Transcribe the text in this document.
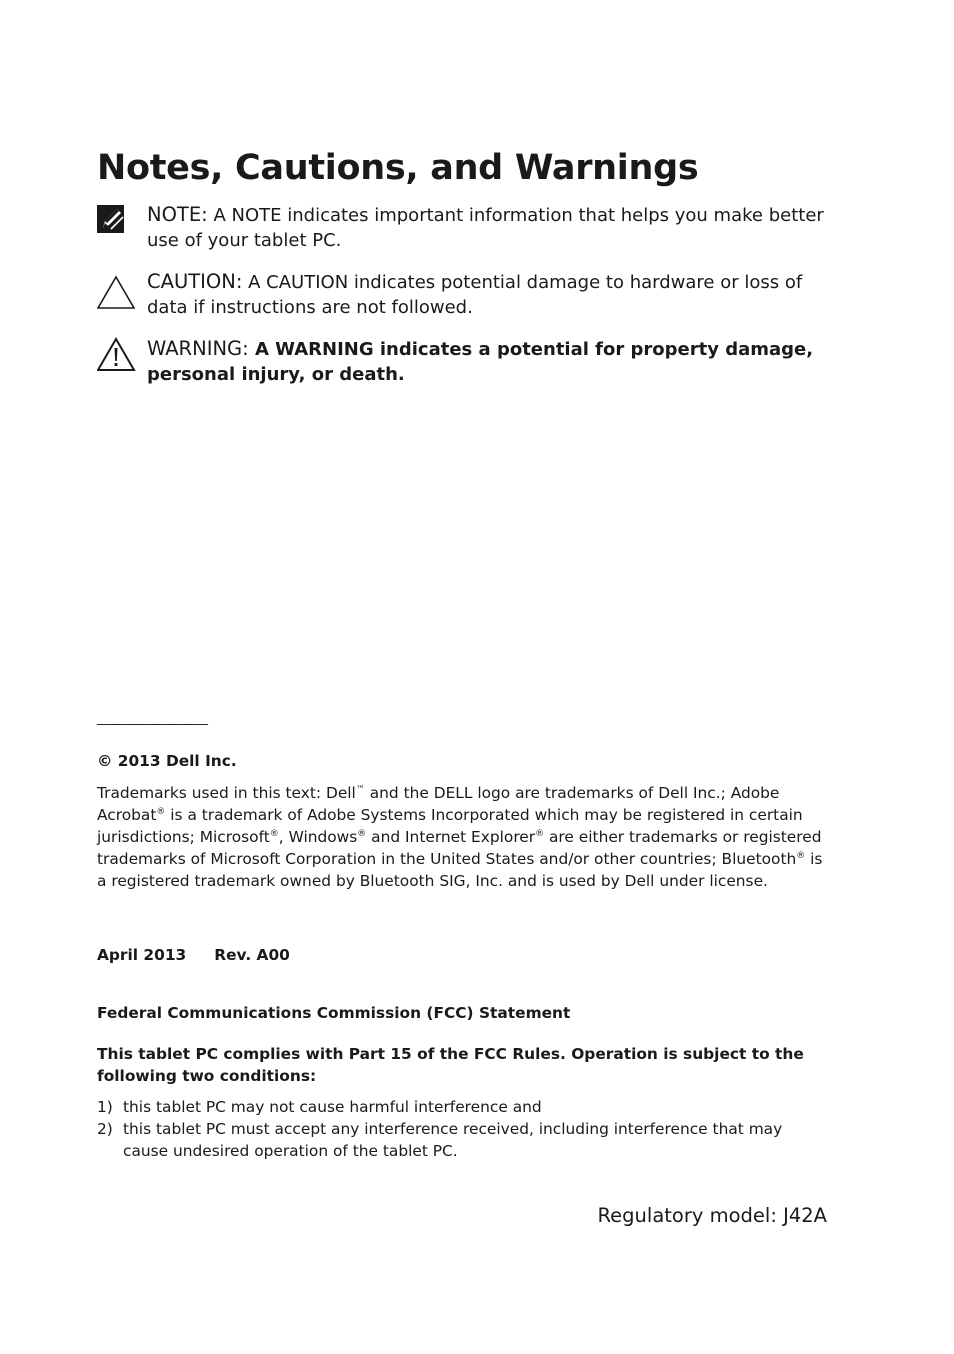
Notes, Cautions, and Warnings
NOTE: A NOTE indicates important information that helps you make better use of your tablet PC.
CAUTION: A CAUTION indicates potential damage to hardware or loss of data if instructions are not followed.
WARNING: A WARNING indicates a potential for property damage, personal injury, or death.
____________________
© 2013 Dell Inc.
Trademarks used in this text: Dell™ and the DELL logo are trademarks of Dell Inc.; Adobe Acrobat® is a trademark of Adobe Systems Incorporated which may be registered in certain jurisdictions; Microsoft®, Windows® and Internet Explorer® are either trademarks or registered trademarks of Microsoft Corporation in the United States and/or other countries; Bluetooth® is a registered trademark owned by Bluetooth SIG, Inc. and is used by Dell under license.
April 2013 Rev. A00
Federal Communications Commission (FCC) Statement
This tablet PC complies with Part 15 of the FCC Rules. Operation is subject to the following two conditions:
1) this tablet PC may not cause harmful interference and
2) this tablet PC must accept any interference received, including interference that may cause undesired operation of the tablet PC.
Regulatory model: J42A
